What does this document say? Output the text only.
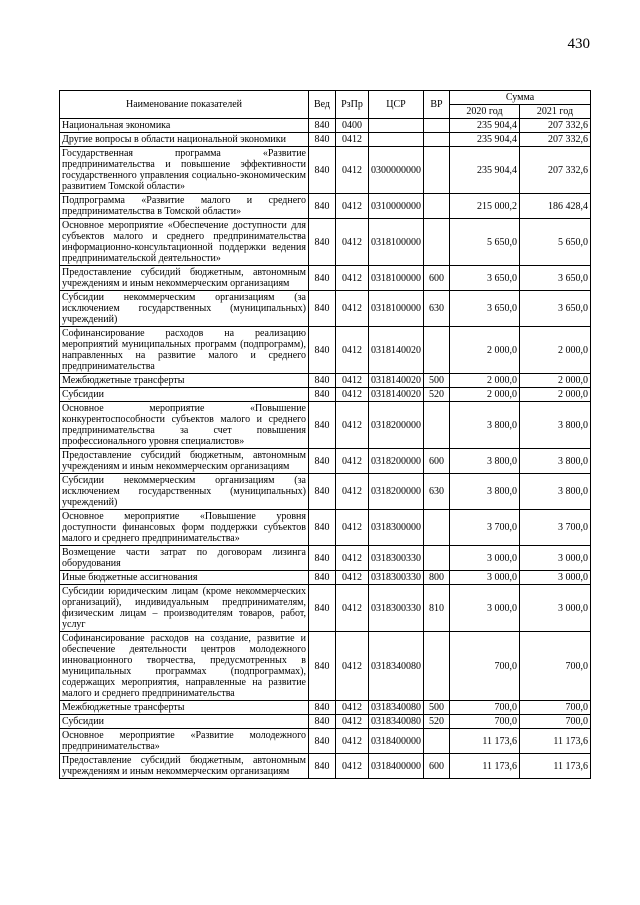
430
Наименование показателей	Вед	РзПр	ЦСР	ВР	Сумма	
					2020 год	2021 год
Национальная экономика	840	0400			235 904,4	207 332,6
Другие вопросы в области национальной экономики	840	0412			235 904,4	207 332,6
Государственная программа «Развитие предпринимательства и повышение эффективности государственного управления социально-экономическим развитием Томской области»	840	0412	0300000000		235 904,4	207 332,6
Подпрограмма «Развитие малого и среднего предпринимательства в Томской области»	840	0412	0310000000		215 000,2	186 428,4
Основное мероприятие «Обеспечение доступности для субъектов малого и среднего предпринимательства информационно-консультационной поддержки ведения предпринимательской деятельности»	840	0412	0318100000		5 650,0	5 650,0
Предоставление субсидий бюджетным, автономным учреждениям и иным некоммерческим организациям	840	0412	0318100000	600	3 650,0	3 650,0
Субсидии некоммерческим организациям (за исключением государственных (муниципальных) учреждений)	840	0412	0318100000	630	3 650,0	3 650,0
Софинансирование расходов на реализацию мероприятий муниципальных программ (подпрограмм), направленных на развитие малого и среднего предпринимательства	840	0412	0318140020		2 000,0	2 000,0
Межбюджетные трансферты	840	0412	0318140020	500	2 000,0	2 000,0
Субсидии	840	0412	0318140020	520	2 000,0	2 000,0
Основное мероприятие «Повышение конкурентоспособности субъектов малого и среднего предпринимательства за счет повышения профессионального уровня специалистов»	840	0412	0318200000		3 800,0	3 800,0
Предоставление субсидий бюджетным, автономным учреждениям и иным некоммерческим организациям	840	0412	0318200000	600	3 800,0	3 800,0
Субсидии некоммерческим организациям (за исключением государственных (муниципальных) учреждений)	840	0412	0318200000	630	3 800,0	3 800,0
Основное мероприятие «Повышение уровня доступности финансовых форм поддержки субъектов малого и среднего предпринимательства»	840	0412	0318300000		3 700,0	3 700,0
Возмещение части затрат по договорам лизинга оборудования	840	0412	0318300330		3 000,0	3 000,0
Иные бюджетные ассигнования	840	0412	0318300330	800	3 000,0	3 000,0
Субсидии юридическим лицам (кроме некоммерческих организаций), индивидуальным предпринимателям, физическим лицам – производителям товаров, работ, услуг	840	0412	0318300330	810	3 000,0	3 000,0
Софинансирование расходов на создание, развитие и обеспечение деятельности центров молодежного инновационного творчества, предусмотренных в муниципальных программах (подпрограммах), содержащих мероприятия, направленные на развитие малого и среднего предпринимательства	840	0412	0318340080		700,0	700,0
Межбюджетные трансферты	840	0412	0318340080	500	700,0	700,0
Субсидии	840	0412	0318340080	520	700,0	700,0
Основное мероприятие «Развитие молодежного предпринимательства»	840	0412	0318400000		11 173,6	11 173,6
Предоставление субсидий бюджетным, автономным учреждениям и иным некоммерческим организациям	840	0412	0318400000	600	11 173,6	11 173,6
